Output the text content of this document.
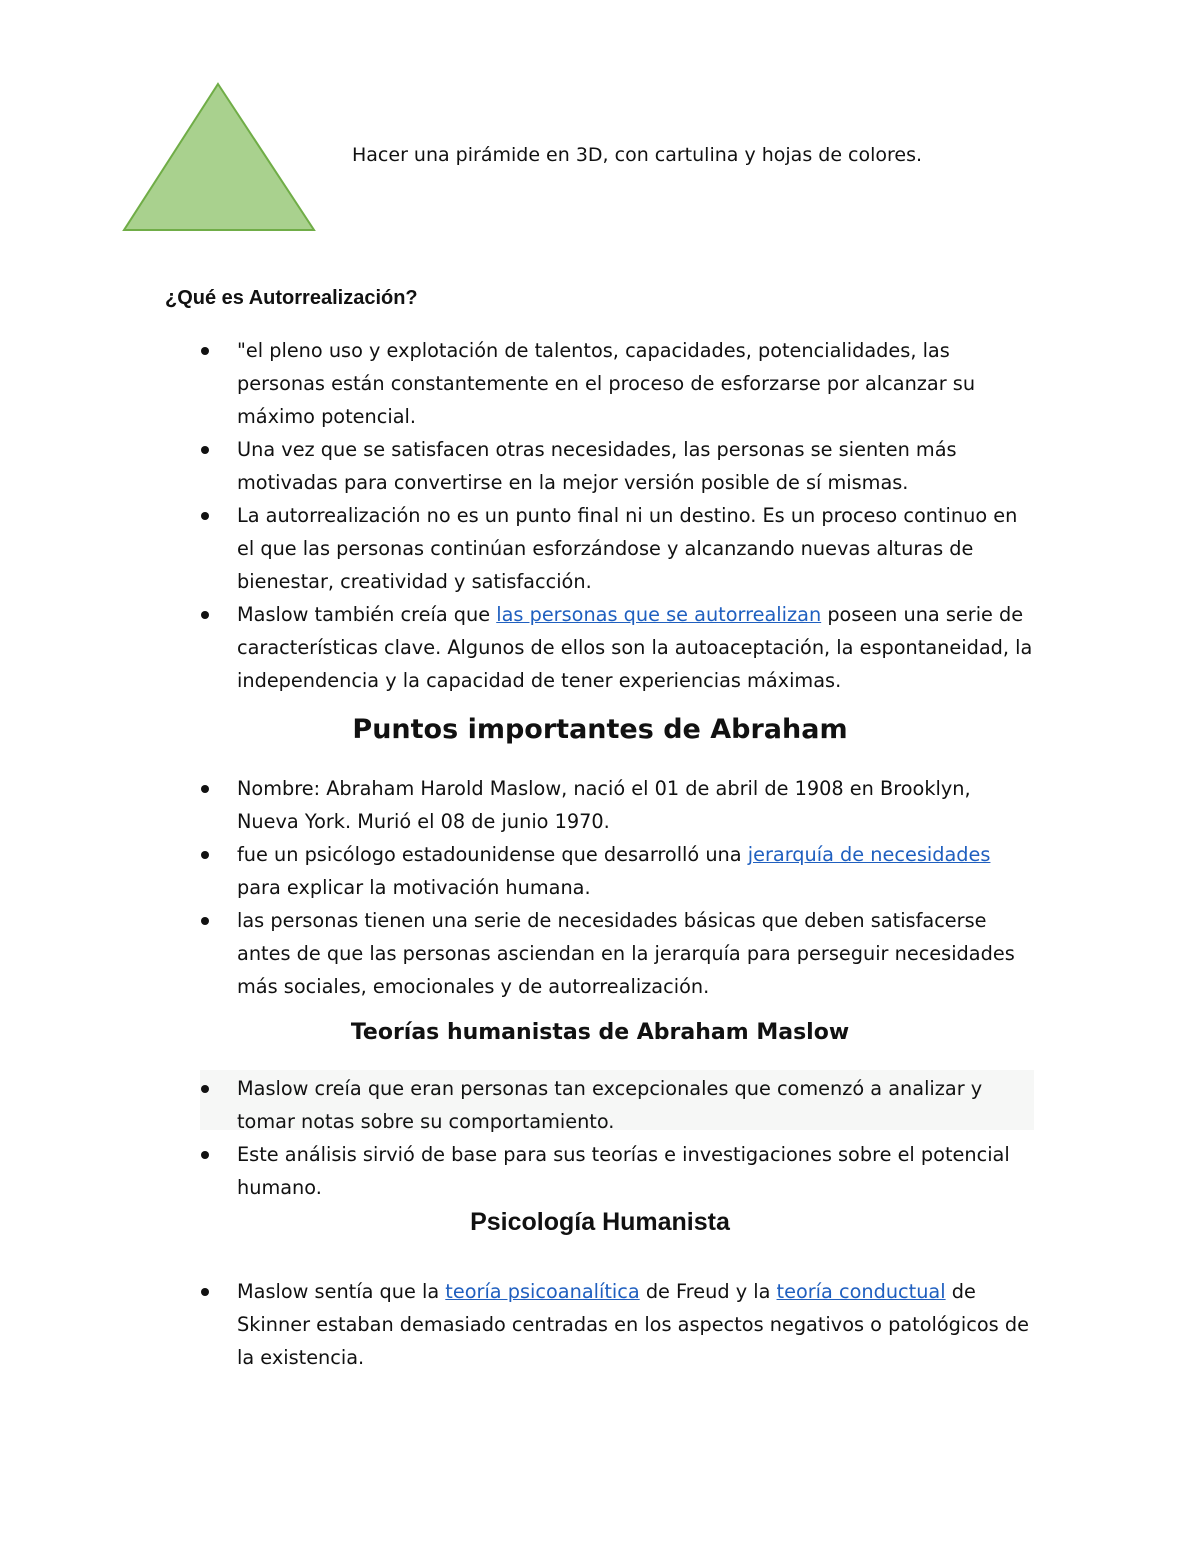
Hacer una pirámide en 3D, con cartulina y hojas de colores.
¿Qué es Autorrealización?
"el pleno uso y explotación de talentos, capacidades, potencialidades, las personas están constantemente en el proceso de esforzarse por alcanzar su máximo potencial.
Una vez que se satisfacen otras necesidades, las personas se sienten más motivadas para convertirse en la mejor versión posible de sí mismas.
La autorrealización no es un punto final ni un destino. Es un proceso continuo en el que las personas continúan esforzándose y alcanzando nuevas alturas de bienestar, creatividad y satisfacción.
Maslow también creía que las personas que se autorrealizan poseen una serie de características clave. Algunos de ellos son la autoaceptación, la espontaneidad, la independencia y la capacidad de tener experiencias máximas.
Puntos importantes de Abraham
Nombre: Abraham Harold Maslow, nació el 01 de abril de 1908 en Brooklyn, Nueva York. Murió el 08 de junio 1970.
fue un psicólogo estadounidense que desarrolló una jerarquía de necesidades para explicar la motivación humana.
las personas tienen una serie de necesidades básicas que deben satisfacerse antes de que las personas asciendan en la jerarquía para perseguir necesidades más sociales, emocionales y de autorrealización.
Teorías humanistas de Abraham Maslow
Maslow creía que eran personas tan excepcionales que comenzó a analizar y tomar notas sobre su comportamiento.
Este análisis sirvió de base para sus teorías e investigaciones sobre el potencial humano.
Psicología Humanista
Maslow sentía que la teoría psicoanalítica de Freud y la teoría conductual de Skinner estaban demasiado centradas en los aspectos negativos o patológicos de la existencia.
